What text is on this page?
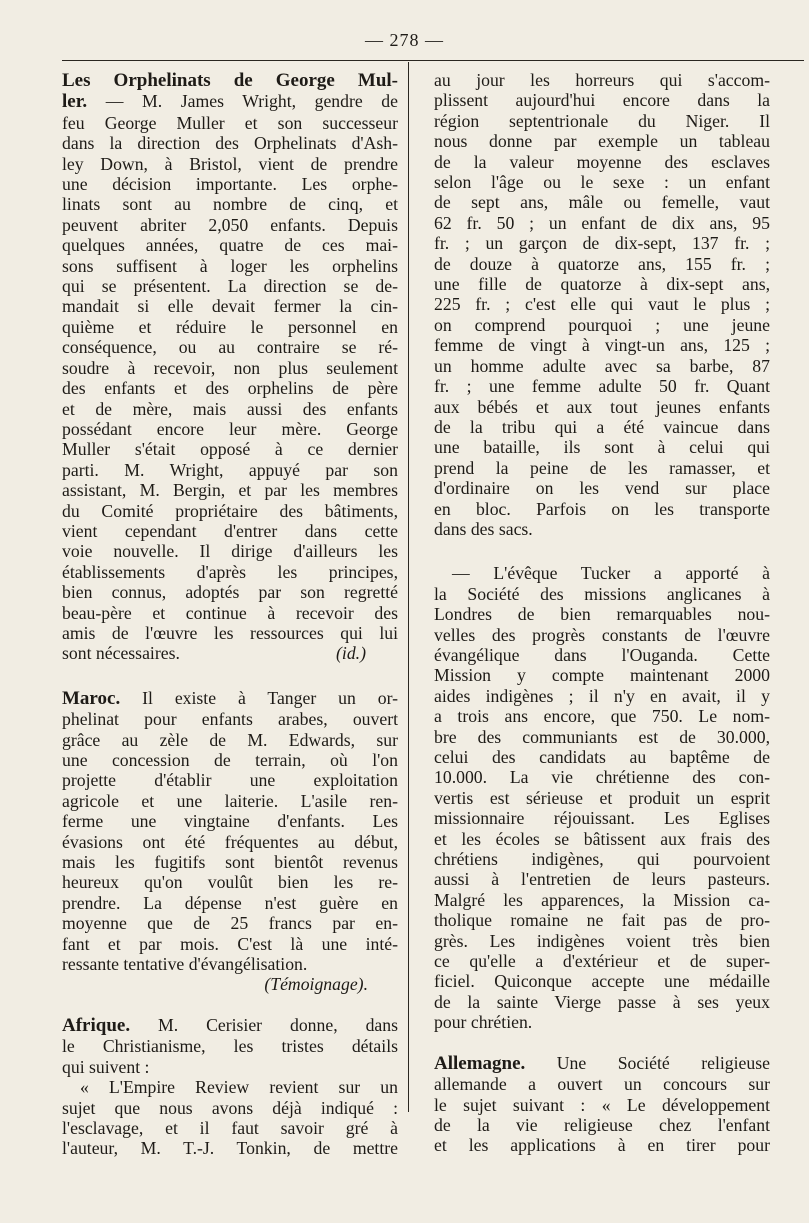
— 278 —

Les Orphelinats de George Mul-
ler. — M. James Wright, gendre de
feu George Muller et son successeur
dans la direction des Orphelinats d'Ash-
ley Down, à Bristol, vient de prendre
une décision importante. Les orphe-
linats sont au nombre de cinq, et
peuvent abriter 2,050 enfants. Depuis
quelques années, quatre de ces mai-
sons suffisent à loger les orphelins
qui se présentent. La direction se de-
mandait si elle devait fermer la cin-
quième et réduire le personnel en
conséquence, ou au contraire se ré-
soudre à recevoir, non plus seulement
des enfants et des orphelins de père
et de mère, mais aussi des enfants
possédant encore leur mère. George
Muller s'était opposé à ce dernier
parti. M. Wright, appuyé par son
assistant, M. Bergin, et par les membres
du Comité propriétaire des bâtiments,
vient cependant d'entrer dans cette
voie nouvelle. Il dirige d'ailleurs les
établissements d'après les principes,
bien connus, adoptés par son regretté
beau-père et continue à recevoir des
amis de l'œuvre les ressources qui lui

sont nécessaires.	(id.)

Maroc. Il existe à Tanger un or-
phelinat pour enfants arabes, ouvert
grâce au zèle de M. Edwards, sur
une concession de terrain, où l'on
projette d'établir une exploitation
agricole et une laiterie. L'asile ren-
ferme une vingtaine d'enfants. Les
évasions ont été fréquentes au début,
mais les fugitifs sont bientôt revenus
heureux qu'on voulût bien les re-
prendre. La dépense n'est guère en
moyenne que de 25 francs par en-
fant et par mois. C'est là une inté-

ressante tentative d'évangélisation.
(Témoignage).

Afrique. M. Cerisier donne, dans
le Christianisme, les tristes détails

qui suivent :

« L'Empire Review revient sur un
sujet que nous avons déjà indiqué :
l'esclavage, et il faut savoir gré à
l'auteur, M. T.-J. Tonkin, de mettre

au jour les horreurs qui s'accom-
plissent aujourd'hui encore dans la
région septentrionale du Niger. Il
nous donne par exemple un tableau
de la valeur moyenne des esclaves
selon l'âge ou le sexe : un enfant
de sept ans, mâle ou femelle, vaut
62 fr. 50 ; un enfant de dix ans, 95
fr. ; un garçon de dix-sept, 137 fr. ;
de douze à quatorze ans, 155 fr. ;
une fille de quatorze à dix-sept ans,
225 fr. ; c'est elle qui vaut le plus ;
on comprend pourquoi ; une jeune
femme de vingt à vingt-un ans, 125 ;
un homme adulte avec sa barbe, 87
fr. ; une femme adulte 50 fr. Quant
aux bébés et aux tout jeunes enfants
de la tribu qui a été vaincue dans
une bataille, ils sont à celui qui
prend la peine de les ramasser, et
d'ordinaire on les vend sur place
en bloc. Parfois on les transporte

dans des sacs.

— L'évêque Tucker a apporté à
la Société des missions anglicanes à
Londres de bien remarquables nou-
velles des progrès constants de l'œuvre
évangélique dans l'Ouganda. Cette
Mission y compte maintenant 2000
aides indigènes ; il n'y en avait, il y
a trois ans encore, que 750. Le nom-
bre des communiants est de 30.000,
celui des candidats au baptême de
10.000. La vie chrétienne des con-
vertis est sérieuse et produit un esprit
missionnaire réjouissant. Les Eglises
et les écoles se bâtissent aux frais des
chrétiens indigènes, qui pourvoient
aussi à l'entretien de leurs pasteurs.
Malgré les apparences, la Mission ca-
tholique romaine ne fait pas de pro-
grès. Les indigènes voient très bien
ce qu'elle a d'extérieur et de super-
ficiel. Quiconque accepte une médaille
de la sainte Vierge passe à ses yeux

pour chrétien.

Allemagne. Une Société religieuse
allemande a ouvert un concours sur
le sujet suivant : « Le développement
de la vie religieuse chez l'enfant
et les applications à en tirer pour
